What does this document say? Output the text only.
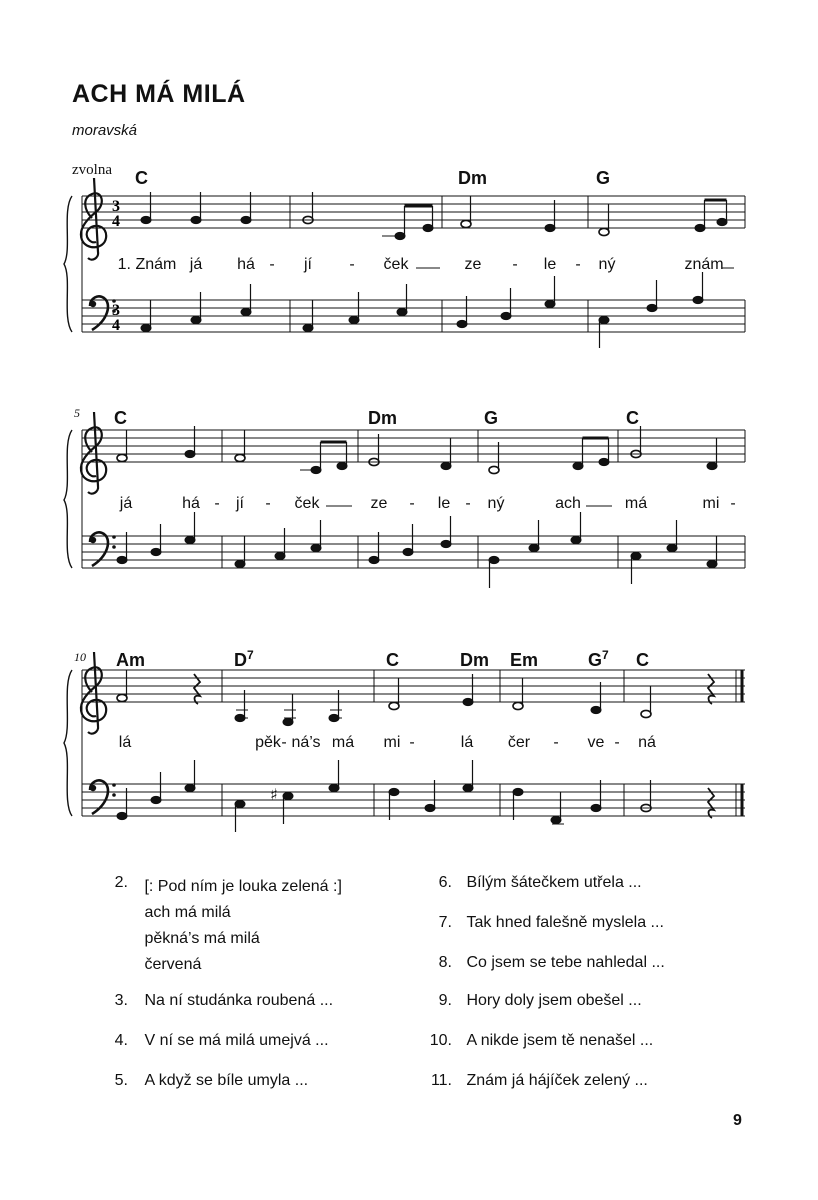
ACH MÁ MILÁ
moravská
zvolna C	Dm	G
1. Znám já há - jí - ček	ze - le - ný	znám
5 C	Dm	G	C
já	há - jí - ček	ze - le - ný	ach	má	mi -
10 Am	$D^7$	C	Dm Em	$G^7$ C
lá	pěk - ná’s má mi -	lá čer - ve - ná
3
4
3
4
♯
2. [: Pod ním je louka zelená :]
ach má milá
pěkná’s má milá
červená
3. Na ní studánka roubená ...
4. V ní se má milá umejvá ...
5. A když se bíle umyla ...
6. Bílým šátečkem utřela ...
7. Tak hned falešně myslela ...
8. Co jsem se tebe nahledal ...
9. Hory doly jsem obešel ...
10. A nikde jsem tě nenašel ...
11. Znám já hájíček zelený ...
9
